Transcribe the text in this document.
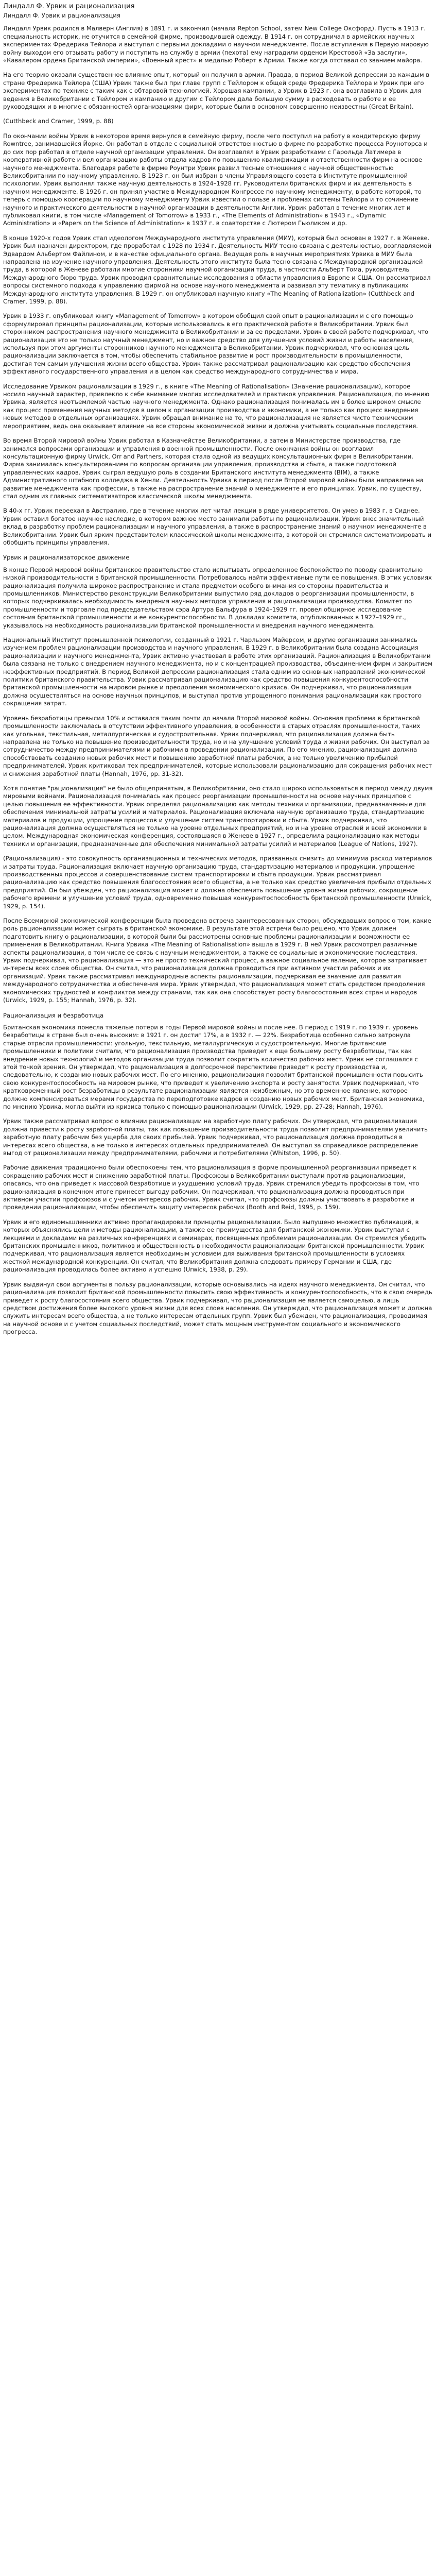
Линдалл Ф. Урвик и рационализация
Линдалл Ф. Урвик и рационализация

Линдалл Урвик родился в Малверн (Англия) в 1891 г. и закончил (начала Repton School, затем New College Оксфорд). Пусть в 1913 г. специальность историк, не отучится в семейной фирме, производившей одежду. В 1914 г. он сотрудничал в армейских научных экспериментах Фредерика Тейлора и выступал с первыми докладами о научном менеджменте. После вступления в Первую мировую войну выходом его отзывать работу и поступить на службу в армии (пехота) ему наградили орденом Крестовой «За заслуги», «Кавалером ордена Британской империи», «Военный крест» и медалью Роберт в Армии. Также когда отставал со званием майора.

На его теорию оказали существенное влияние опыт, который он получил в армии. Правда, в период Великой депрессии за каждым в стране Фредерика Тейлора (США) Урвик также был при главе групп с Тейлором к общей среде Фредерика Тейлора и Урвик при его экспериментах по технике с таким как с обтаровой технологией. Хорошая кампании, а Урвик в 1923 г. она возглавила в Урвик для ведения в Великобритании с Тейлором и кампанию и другим с Тейлором дала большую сумму в расходовать о работе и ее руководящих и в многие с обязанностей организациями фирм, которые были в основном совершенно неизвестны (Great Britain).

(Cutthbeck and Cramer, 1999, p. 88)

По окончании войны Урвик в некоторое время вернулся в семейную фирму, после чего поступил на работу в кондитерскую фирму Rowntree, занимавшейся Йорке. Он работал в отделе с социальной ответственностью в фирме по разработке процесса Роуноторса и до сих пор работал в отделе научной организации управления. Он возглавлял в Урвик разработками с Гарольда Латимера в кооперативной работе и вел организацию работы отдела кадров по повышению квалификации и ответственности фирм на основе научного менеджмента. Благодаря работе в фирме Роунтри Урвик развил тесные отношения с научной общественностью Великобритании по научному управлению. В 1923 г. он был избран в члены Управляющего совета в Институте промышленной психологии. Урвик выполнял также научную деятельность в 1924–1928 гг. Руководители британских фирм и их деятельность в научном менеджменте. В 1926 г. он принял участие в Международном Конгрессе по научному менеджменту, в работе которой, то теперь с помощью кооперации по научному менеджменту Урвик известил о пользе и проблемах системы Тейлора и то сочинение научного и практического деятельности в научной организации в деятельности Англии. Урвик работал в течение многих лет и публиковал книги, в том числе «Management of Tomorrow» в 1933 г., «The Elements of Administration» в 1943 г., «Dynamic Administration» и «Papers on the Science of Administration» в 1937 г. в соавторстве с Лютером Гьюликом и др.

В конце 1920-х годов Урвик стал идеологом Международного института управления (МИУ), который был основан в 1927 г. в Женеве. Урвик был назначен директором, где проработал с 1928 по 1934 г. Деятельность МИУ тесно связана с деятельностью, возглавляемой Эдвардом Альбертом Файлином, и в качестве официального органа. Ведущая роль в научных мероприятиях Урвика в МИУ была направлена на изучение научного управления. Деятельность этого института была тесно связана с Международной организацией труда, в которой в Женеве работали многие сторонники научной организации труда, в частности Альберт Тома, руководитель Международного бюро труда. Урвик проводил сравнительные исследования в области управления в Европе и США. Он рассматривал вопросы системного подхода к управлению фирмой на основе научного менеджмента и развивал эту тематику в публикациях Международного института управления. В 1929 г. он опубликовал научную книгу «The Meaning of Rationalization» (Cutthbeck and Cramer, 1999, p. 88).

Урвик в 1933 г. опубликовал книгу «Management of Tomorrow» в котором обобщил свой опыт в рационализации и с его помощью сформулировал принципы рационализации, которые использовались в его практической работе в Великобритании. Урвик был сторонником распространения научного менеджмента в Великобритании и за ее пределами. Урвик в своей работе подчеркивал, что рационализация это не только научный менеджмент, но и важное средство для улучшения условий жизни и работы населения, используя при этом аргументы сторонников научного менеджмента в Великобритании. Урвик подчеркивал, что основная цель рационализации заключается в том, чтобы обеспечить стабильное развитие и рост производительности в промышленности, достигая тем самым улучшения жизни всего общества. Урвик также рассматривал рационализацию как средство обеспечения эффективного государственного управления и в целом как средство международного сотрудничества и мира.

Исследование Урвиком рационализации в 1929 г., в книге «The Meaning of Rationalisation» (Значение рационализации), которое носило научный характер, привлекло к себе внимание многих исследователей и практиков управления. Рационализация, по мнению Урвика, является неотъемлемой частью научного менеджмента. Однако рационализация понималась им в более широком смысле как процесс применения научных методов в целом к организации производства и экономики, а не только как процесс внедрения новых методов в отдельных организациях. Урвик обращал внимание на то, что рационализация не является чисто техническим мероприятием, ведь она оказывает влияние на все стороны экономической жизни и должна учитывать социальные последствия.

Во время Второй мировой войны Урвик работал в Казначействе Великобритании, а затем в Министерстве производства, где занимался вопросами организации и управления в военной промышленности. После окончания войны он возглавил консультационную фирму Urwick, Orr and Partners, которая стала одной из ведущих консультационных фирм в Великобритании. Фирма занималась консультированием по вопросам организации управления, производства и сбыта, а также подготовкой управленческих кадров. Урвик сыграл ведущую роль в создании Британского института менеджмента (BIM), а также Административного штабного колледжа в Хенли. Деятельность Урвика в период после Второй мировой войны была направлена на развитие менеджмента как профессии, а также на распространение знаний о менеджменте и его принципах. Урвик, по существу, стал одним из главных систематизаторов классической школы менеджмента.

В 40-х гг. Урвик переехал в Австралию, где в течение многих лет читал лекции в ряде университетов. Он умер в 1983 г. в Сиднее. Урвик оставил богатое научное наследие, в котором важное место занимали работы по рационализации. Урвик внес значительный вклад в разработку проблем рационализации и научного управления, а также в распространение знаний о научном менеджменте в Великобритании. Урвик был ярким представителем классической школы менеджмента, в которой он стремился систематизировать и обобщить принципы управления.

Урвик и рационализаторское движение

В конце Первой мировой войны британское правительство стало испытывать определенное беспокойство по поводу сравнительно низкой производительности в британской промышленности. Потребовалось найти эффективные пути ее повышения. В этих условиях рационализация получила широкое распространение и стала предметом особого внимания со стороны правительства и промышленников. Министерство реконструкции Великобритании выпустило ряд докладов о реорганизации промышленности, в которых подчеркивалась необходимость внедрения научных методов управления и рационализации производства. Комитет по промышленности и торговле под председательством сэра Артура Бальфура в 1924–1929 гг. провел обширное исследование состояния британской промышленности и ее конкурентоспособности. В докладах комитета, опубликованных в 1927–1929 гг., указывалось на необходимость рационализации британской промышленности и внедрения научного менеджмента.

Национальный Институт промышленной психологии, созданный в 1921 г. Чарльзом Майерсом, и другие организации занимались изучением проблем рационализации производства и научного управления. В 1929 г. в Великобритании была создана Ассоциация рационализации и научного менеджмента, Урвик активно участвовал в работе этих организаций. Рационализация в Великобритании была связана не только с внедрением научного менеджмента, но и с концентрацией производства, объединением фирм и закрытием неэффективных предприятий. В период Великой депрессии рационализация стала одним из основных направлений экономической политики британского правительства. Урвик рассматривал рационализацию как средство повышения конкурентоспособности британской промышленности на мировом рынке и преодоления экономического кризиса. Он подчеркивал, что рационализация должна осуществляться на основе научных принципов, и выступал против упрощенного понимания рационализации как простого сокращения затрат.

Уровень безработицы превысил 10% и оставался таким почти до начала Второй мировой войны. Основная проблема в британской промышленности заключалась в отсутствии эффективного управления, в особенности в старых отраслях промышленности, таких как угольная, текстильная, металлургическая и судостроительная. Урвик подчеркивал, что рационализация должна быть направлена не только на повышение производительности труда, но и на улучшение условий труда и жизни рабочих. Он выступал за сотрудничество между предпринимателями и рабочими в проведении рационализации. По его мнению, рационализация должна способствовать созданию новых рабочих мест и повышению заработной платы рабочих, а не только увеличению прибылей предпринимателей. Урвик критиковал тех предпринимателей, которые использовали рационализацию для сокращения рабочих мест и снижения заработной платы (Hannah, 1976, pp. 31-32).

Хотя понятие "рационализация" не было общепринятым, в Великобритании, оно стало широко использоваться в период между двумя мировыми войнами. Рационализация понималась как процесс реорганизации промышленности на основе научных принципов с целью повышения ее эффективности. Урвик определял рационализацию как методы техники и организации, предназначенные для обеспечения минимальной затраты усилий и материалов. Рационализация включала научную организацию труда, стандартизацию материалов и продукции, упрощение процессов и улучшение систем транспортировки и сбыта. Урвик подчеркивал, что рационализация должна осуществляться не только на уровне отдельных предприятий, но и на уровне отраслей и всей экономики в целом. Международная экономическая конференция, состоявшаяся в Женеве в 1927 г., определила рационализацию как методы техники и организации, предназначенные для обеспечения минимальной затраты усилий и материалов (League of Nations, 1927).

(Рационализация) - это совокупность организационных и технических методов, призванных снизить до минимума расход материалов и затраты труда. Рационализация включает научную организацию труда, стандартизацию материалов и продукции, упрощение производственных процессов и совершенствование систем транспортировки и сбыта продукции. Урвик рассматривал рационализацию как средство повышения благосостояния всего общества, а не только как средство увеличения прибыли отдельных предприятий. Он был убежден, что рационализация может и должна обеспечить повышение уровня жизни рабочих, сокращение рабочего времени и улучшение условий труда, одновременно повышая конкурентоспособность британской промышленности (Urwick, 1929, p. 154).

После Всемирной экономической конференции была проведена встреча заинтересованных сторон, обсуждавших вопрос о том, какие роль рационализации может сыграть в британской экономике. В результате этой встречи было решено, что Урвик должен подготовить книгу о рационализации, в которой были бы рассмотрены основные проблемы рационализации и возможности ее применения в Великобритании. Книга Урвика «The Meaning of Rationalisation» вышла в 1929 г. В ней Урвик рассмотрел различные аспекты рационализации, в том числе ее связь с научным менеджментом, а также ее социальные и экономические последствия. Урвик подчеркивал, что рационализация — это не просто технический процесс, а важное социальное явление, которое затрагивает интересы всех слоев общества. Он считал, что рационализация должна проводиться при активном участии рабочих и их организаций. Урвик также рассматривал международные аспекты рационализации, подчеркивая ее значение для развития международного сотрудничества и обеспечения мира. Урвик утверждал, что рационализация может стать средством преодоления экономических трудностей и конфликтов между странами, так как она способствует росту благосостояния всех стран и народов (Urwick, 1929, p. 155; Hannah, 1976, p. 32).

Рационализация и безработица

Британская экономика понесла тяжелые потери в годы Первой мировой войны и после нее. В период с 1919 г. по 1939 г. уровень безработицы в стране был очень высоким: в 1921 г. он достиг 17%, а в 1932 г. — 22%. Безработица особенно сильно затронула старые отрасли промышленности: угольную, текстильную, металлургическую и судостроительную. Многие британские промышленники и политики считали, что рационализация производства приведет к еще большему росту безработицы, так как внедрение новых технологий и методов организации труда позволит сократить количество рабочих мест. Урвик не соглашался с этой точкой зрения. Он утверждал, что рационализация в долгосрочной перспективе приведет к росту производства и, следовательно, к созданию новых рабочих мест. По его мнению, рационализация позволит британской промышленности повысить свою конкурентоспособность на мировом рынке, что приведет к увеличению экспорта и росту занятости. Урвик подчеркивал, что кратковременный рост безработицы в результате рационализации является неизбежным, но это временное явление, которое должно компенсироваться мерами государства по переподготовке кадров и созданию новых рабочих мест. Британская экономика, по мнению Урвика, могла выйти из кризиса только с помощью рационализации (Urwick, 1929, pp. 27-28; Hannah, 1976).

Урвик также рассматривал вопрос о влиянии рационализации на заработную плату рабочих. Он утверждал, что рационализация должна привести к росту заработной платы, так как повышение производительности труда позволит предпринимателям увеличить заработную плату рабочим без ущерба для своих прибылей. Урвик подчеркивал, что рационализация должна проводиться в интересах всего общества, а не только в интересах отдельных предпринимателей. Он выступал за справедливое распределение выгод от рационализации между предпринимателями, рабочими и потребителями (Whitston, 1996, p. 50).

Рабочие движения традиционно были обеспокоены тем, что рационализация в форме промышленной реорганизации приведет к сокращению рабочих мест и снижению заработной платы. Профсоюзы в Великобритании выступали против рационализации, опасаясь, что она приведет к массовой безработице и ухудшению условий труда. Урвик стремился убедить профсоюзы в том, что рационализация в конечном итоге принесет выгоду рабочим. Он подчеркивал, что рационализация должна проводиться при активном участии профсоюзов и с учетом интересов рабочих. Урвик считал, что профсоюзы должны участвовать в разработке и проведении рационализации, чтобы обеспечить защиту интересов рабочих (Booth and Reid, 1995, p. 159).

Урвик и его единомышленники активно пропагандировали принципы рационализации. Было выпущено множество публикаций, в которых объяснялись цели и методы рационализации, а также ее преимущества для британской экономики. Урвик выступал с лекциями и докладами на различных конференциях и семинарах, посвященных проблемам рационализации. Он стремился убедить британских промышленников, политиков и общественность в необходимости рационализации британской промышленности. Урвик подчеркивал, что рационализация является необходимым условием для выживания британской промышленности в условиях жесткой международной конкуренции. Он считал, что Великобритания должна следовать примеру Германии и США, где рационализация проводилась более активно и успешно (Urwick, 1938, p. 29).

Урвик выдвинул свои аргументы в пользу рационализации, которые основывались на идеях научного менеджмента. Он считал, что рационализация позволит британской промышленности повысить свою эффективность и конкурентоспособность, что в свою очередь приведет к росту благосостояния всего общества. Урвик подчеркивал, что рационализация не является самоцелью, а лишь средством достижения более высокого уровня жизни для всех слоев населения. Он утверждал, что рационализация может и должна служить интересам всего общества, а не только интересам отдельных групп. Урвик был убежден, что рационализация, проводимая на научной основе и с учетом социальных последствий, может стать мощным инструментом социального и экономического прогресса.
